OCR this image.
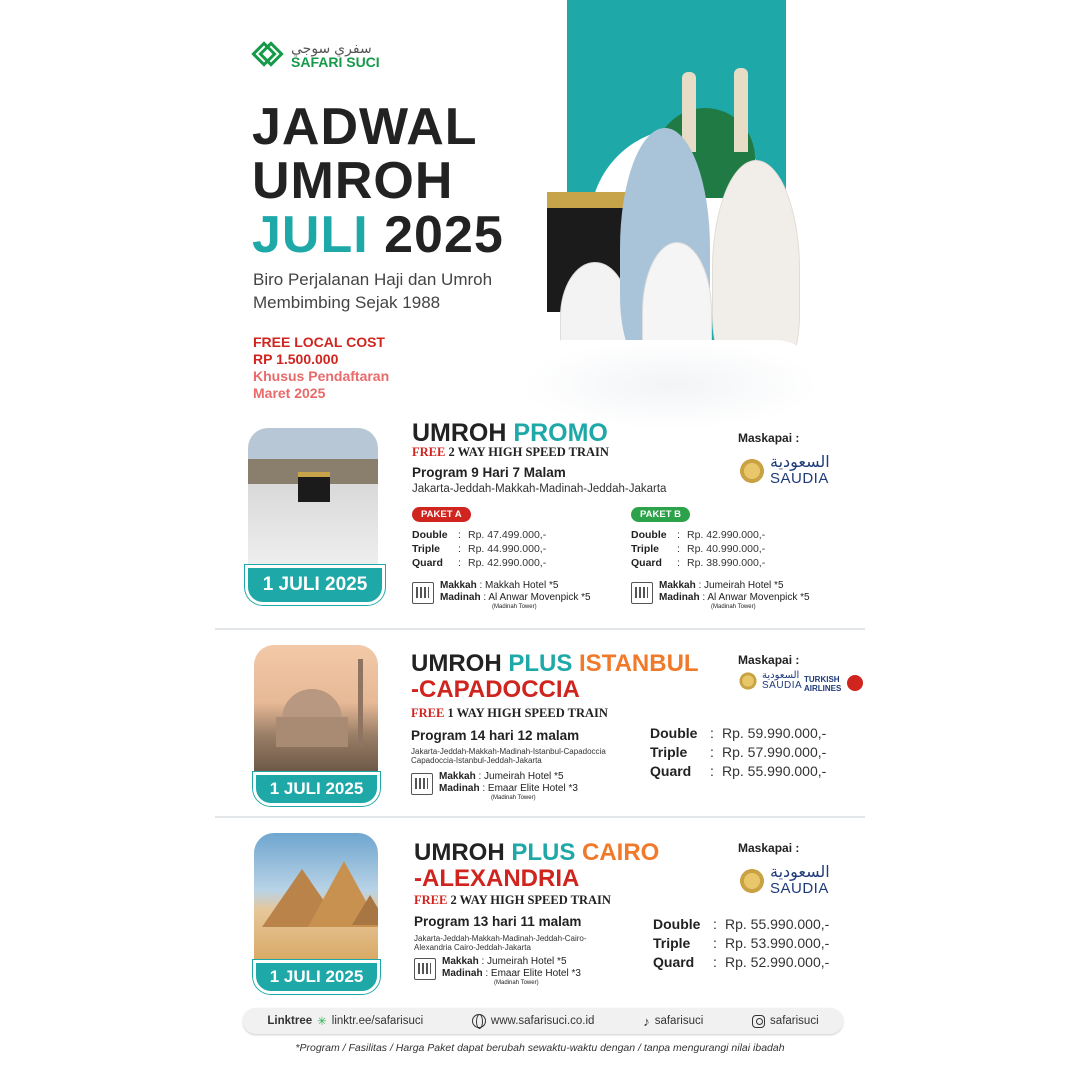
سفري سوجي
SAFARI SUCI
JADWAL
UMROH
JULI 2025
Biro Perjalanan Haji dan Umroh
Membimbing Sejak 1988
FREE LOCAL COST
RP 1.500.000
Khusus Pendaftaran
Maret 2025
1 JULI 2025
UMROH PROMO
FREE 2 WAY HIGH SPEED TRAIN
Program 9 Hari 7 Malam
Jakarta-Jeddah-Makkah-Madinah-Jeddah-Jakarta
PAKET A
Double : Rp. 47.499.000,-
Triple	: Rp. 44.990.000,-
Quard	: Rp. 42.990.000,-
Makkah : Makkah Hotel *5
Madinah : Al Anwar Movenpick *5
(Madinah Tower)
PAKET B
Double : Rp. 42.990.000,-
Triple	: Rp. 40.990.000,-
Quard	: Rp. 38.990.000,-
Makkah : Jumeirah Hotel *5
Madinah : Al Anwar Movenpick *5
(Madinah Tower)
Maskapai :
السعودية
SAUDIA
1 JULI 2025
UMROH PLUS ISTANBUL
-CAPADOCCIA
FREE 1 WAY HIGH SPEED TRAIN
Program 14 hari 12 malam
Jakarta-Jeddah-Makkah-Madinah-Istanbul-Capadoccia
Capadoccia-Istanbul-Jeddah-Jakarta
Makkah : Jumeirah Hotel *5
Madinah : Emaar Elite Hotel *3
(Madinah Tower)
Maskapai :
السعودية
SAUDIA
TURKISH
AIRLINES
Double : Rp. 59.990.000,-
Triple	: Rp. 57.990.000,-
Quard	: Rp. 55.990.000,-
1 JULI 2025
UMROH PLUS CAIRO
-ALEXANDRIA
FREE 2 WAY HIGH SPEED TRAIN
Program 13 hari 11 malam
Jakarta-Jeddah-Makkah-Madinah-Jeddah-Cairo-
Alexandria Cairo-Jeddah-Jakarta
Makkah : Jumeirah Hotel *5
Madinah : Emaar Elite Hotel *3
(Madinah Tower)
Maskapai :
السعودية
SAUDIA
Double : Rp. 55.990.000,-
Triple	: Rp. 53.990.000,-
Quard	: Rp. 52.990.000,-
Linktree ✳ linktr.ee/safarisuci	www.safarisuci.co.id	♪ safarisuci	safarisuci
*Program / Fasilitas / Harga Paket dapat berubah sewaktu-waktu dengan / tanpa mengurangi nilai ibadah
